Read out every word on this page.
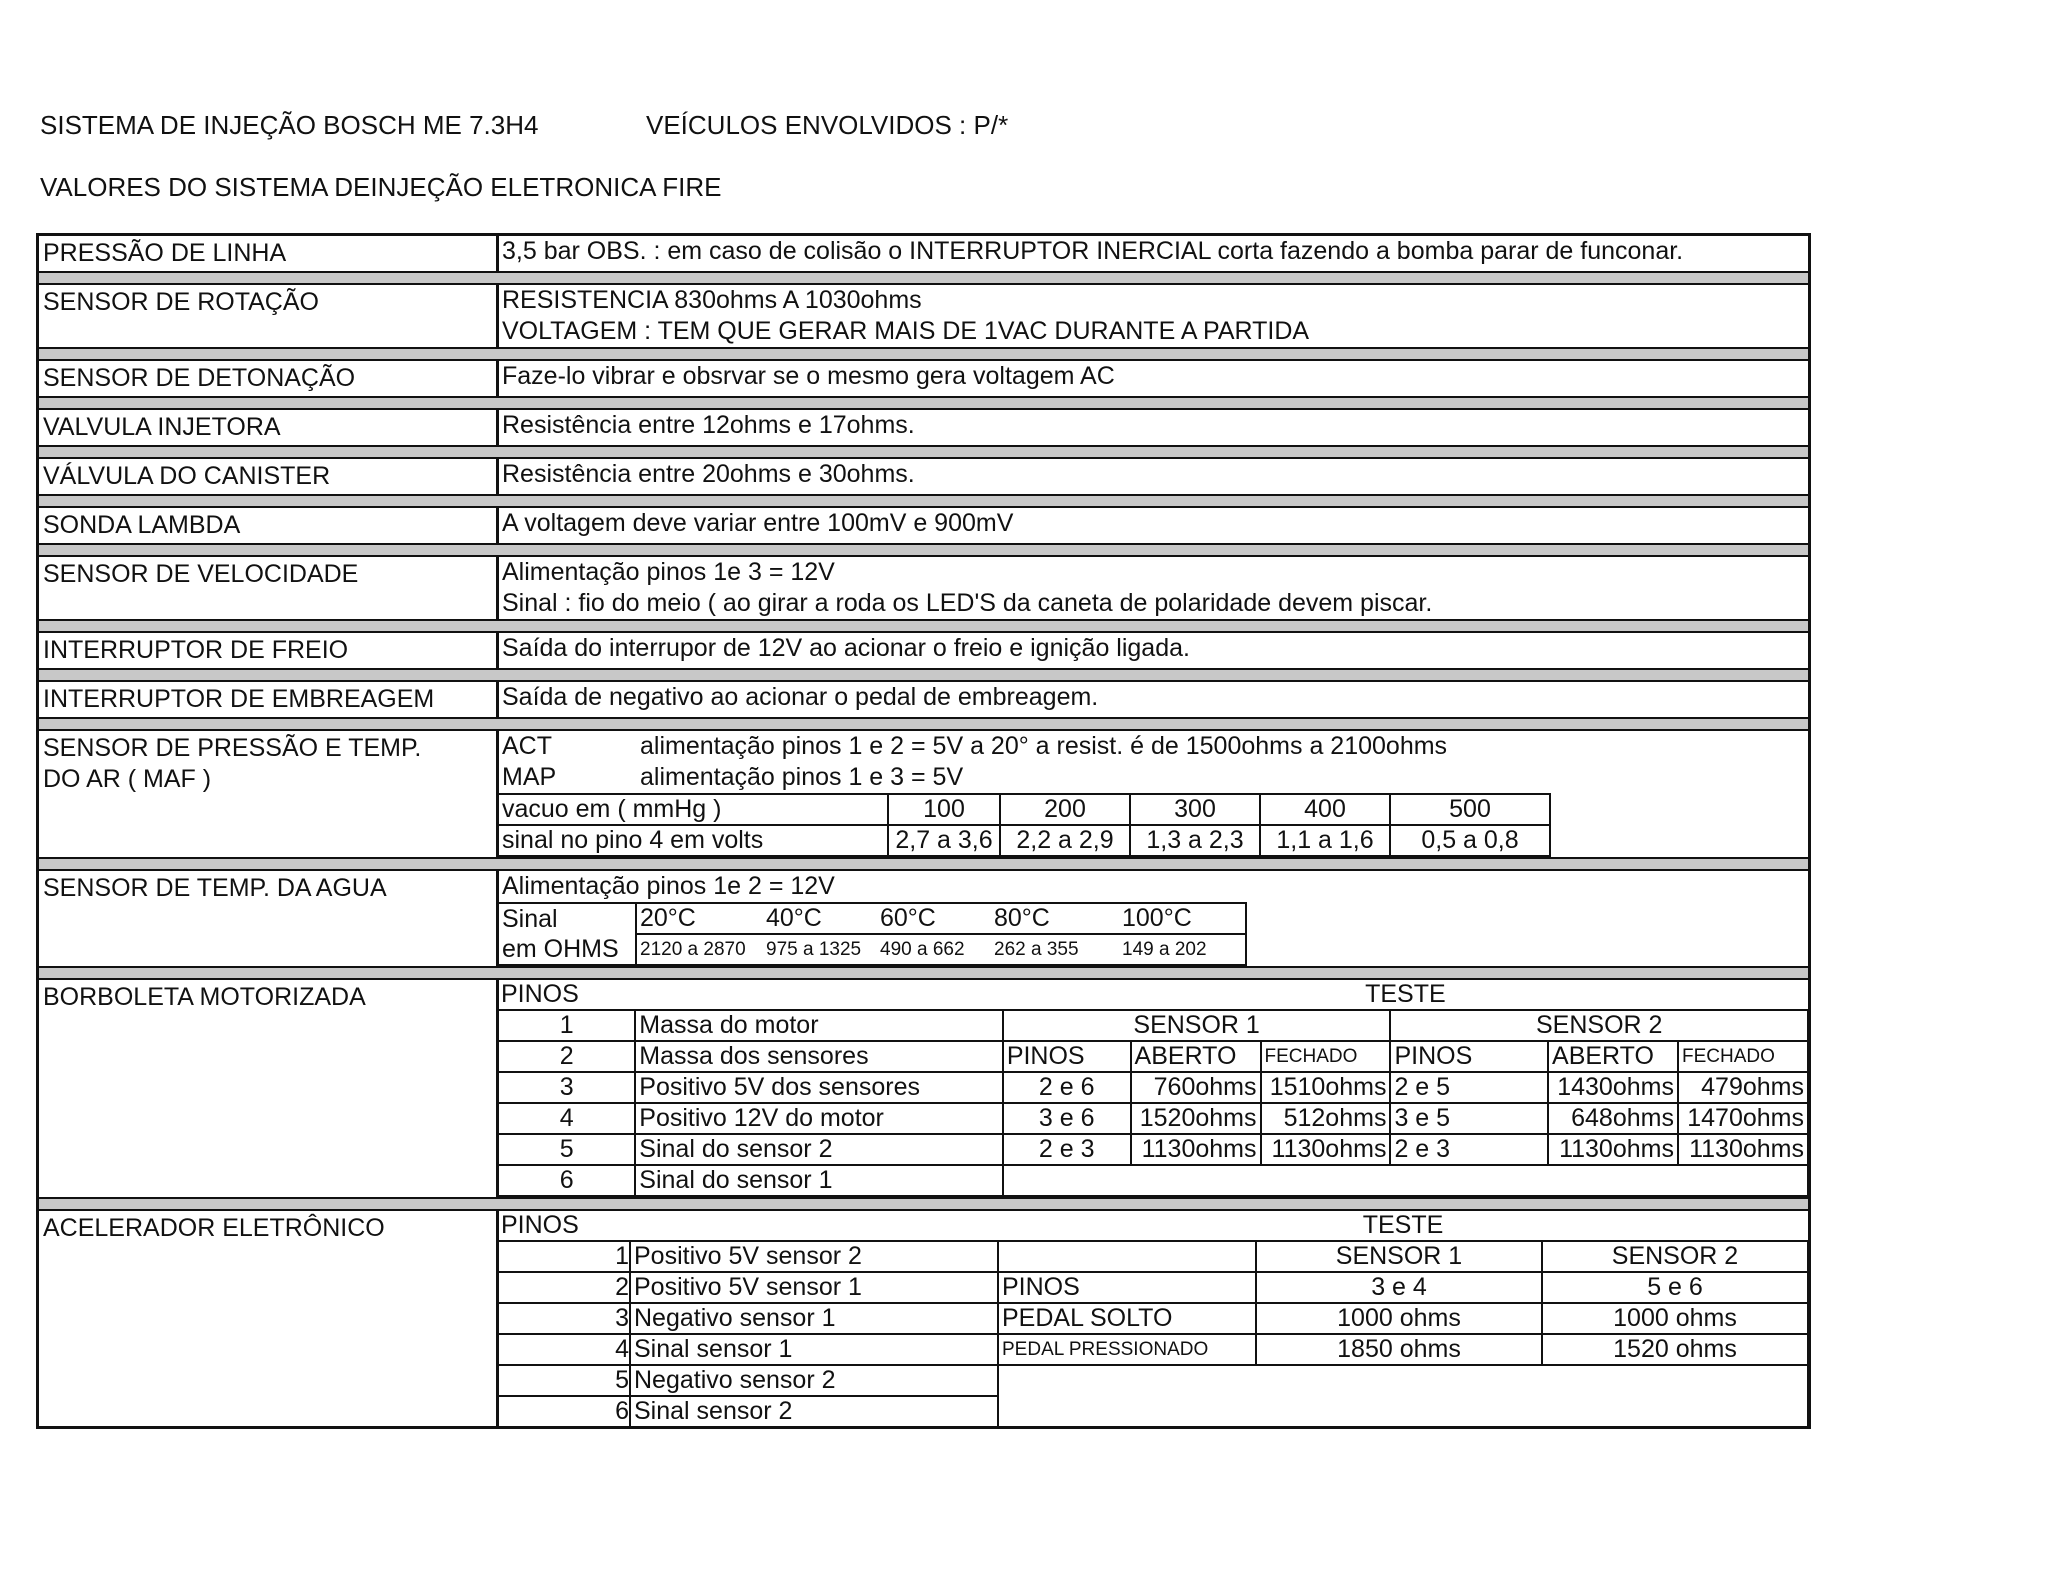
SISTEMA DE INJEÇÃO BOSCH ME 7.3H4	VEÍCULOS ENVOLVIDOS : P/*
VALORES DO SISTEMA DEINJEÇÃO ELETRONICA FIRE
PRESSÃO DE LINHA	3,5 bar OBS. : em caso de colisão o INTERRUPTOR INERCIAL corta fazendo a bomba parar de funconar.
SENSOR DE ROTAÇÃO	RESISTENCIA 830ohms A 1030ohms
VOLTAGEM : TEM QUE GERAR MAIS DE 1VAC DURANTE A PARTIDA
SENSOR DE DETONAÇÃO	Faze-lo vibrar e obsrvar se o mesmo gera voltagem AC
VALVULA INJETORA	Resistência entre 12ohms e 17ohms.
VÁLVULA DO CANISTER	Resistência entre 20ohms e 30ohms.
SONDA LAMBDA	A voltagem deve variar entre 100mV e 900mV
SENSOR DE VELOCIDADE	Alimentação pinos 1e 3 = 12V
Sinal : fio do meio ( ao girar a roda os LED'S da caneta de polaridade devem piscar.
INTERRUPTOR DE FREIO	Saída do interrupor de 12V ao acionar o freio e ignição ligada.
INTERRUPTOR DE EMBREAGEM	Saída de negativo ao acionar o pedal de embreagem.
SENSOR DE PRESSÃO E TEMP.
DO AR ( MAF )
ACT	alimentação pinos 1 e 2 = 5V a 20° a resist. é de 1500ohms a 2100ohms
MAP	alimentação pinos 1 e 3 = 5V
vacuo em ( mmHg )	100	200	300	400	500
sinal no pino 4 em volts	2,7 a 3,6	2,2 a 2,9	1,3 a 2,3	1,1 a 1,6	0,5 a 0,8
SENSOR DE TEMP. DA AGUA	Alimentação pinos 1e 2 = 12V
Sinal	20°C	40°C	60°C	80°C	100°C
em OHMS	2120 a 2870	975 a 1325	490 a 662	262 a 355	149 a 202
BORBOLETA MOTORIZADA	PINOS		TESTE					
1	Massa do motor	SENSOR 1			SENSOR 2		
2	Massa dos sensores	PINOS	ABERTO	FECHADO	PINOS	ABERTO	FECHADO
3	Positivo 5V dos sensores	2 e 6	760ohms	1510ohms	2 e 5	1430ohms	479ohms
4	Positivo 12V do motor	3 e 6	1520ohms	512ohms	3 e 5	648ohms	1470ohms
5	Sinal do sensor 2	2 e 3	1130ohms	1130ohms	2 e 3	1130ohms	1130ohms
6	Sinal do sensor 1						
ACELERADOR ELETRÔNICO	PINOS		TESTE		
1	Positivo 5V sensor 2		SENSOR 1	SENSOR 2
2	Positivo 5V sensor 1	PINOS	3 e 4	5 e 6
3	Negativo sensor 1	PEDAL SOLTO	1000 ohms	1000 ohms
4	Sinal sensor 1	PEDAL PRESSIONADO	1850 ohms	1520 ohms
5	Negativo sensor 2			
6	Sinal sensor 2			
